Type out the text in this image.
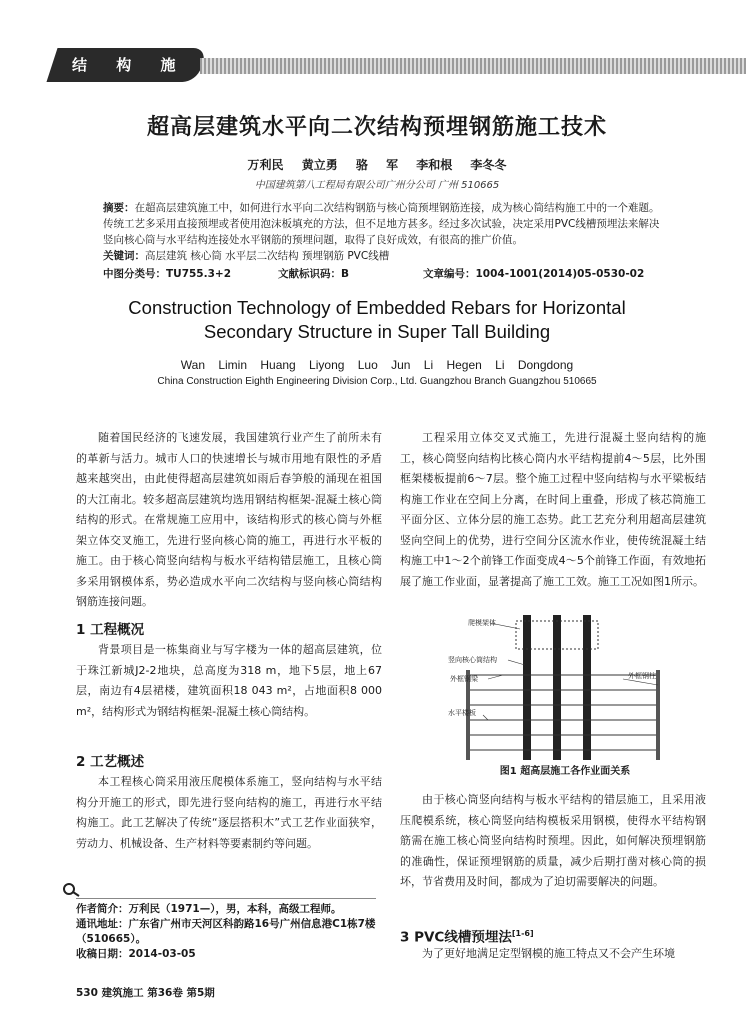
结 构 施 工
超高层建筑水平向二次结构预埋钢筋施工技术
万利民 黄立勇 骆 军 李和根 李冬冬
中国建筑第八工程局有限公司广州分公司 广州 510665
摘要：在超高层建筑施工中，如何进行水平向二次结构钢筋与核心筒预埋钢筋连接，成为核心筒结构施工中的一个难题。传统工艺多采用直接预埋或者使用泡沫板填充的方法，但不足地方甚多。经过多次试验，决定采用PVC线槽预埋法来解决竖向核心筒与水平结构连接处水平钢筋的预埋问题，取得了良好成效，有很高的推广价值。
关键词：高层建筑 核心筒 水平层二次结构 预埋钢筋 PVC线槽
中图分类号：TU755.3+2	文献标识码：B	文章编号：1004-1001(2014)05-0530-02
Construction Technology of Embedded Rebars for Horizontal
Secondary Structure in Super Tall Building
Wan Limin Huang Liyong Luo Jun Li Hegen Li Dongdong
China Construction Eighth Engineering Division Corp., Ltd. Guangzhou Branch Guangzhou 510665

随着国民经济的飞速发展，我国建筑行业产生了前所未有的革新与活力。城市人口的快速增长与城市用地有限性的矛盾越来越突出，由此使得超高层建筑如雨后春笋般的涌现在祖国的大江南北。较多超高层建筑均选用钢结构框架-混凝土核心筒结构的形式。在常规施工应用中，该结构形式的核心筒与外框架立体交叉施工，先进行竖向核心筒的施工，再进行水平板的施工。由于核心筒竖向结构与板水平结构错层施工，且核心筒多采用钢模体系，势必造成水平向二次结构与竖向核心筒结构钢筋连接问题。

1 工程概况

背景项目是一栋集商业与写字楼为一体的超高层建筑，位于珠江新城J2-2地块，总高度为318 m，地下5层，地上67层，南边有4层裙楼，建筑面积18 043 m²，占地面积8 000 m²，结构形式为钢结构框架-混凝土核心筒结构。

2 工艺概述

本工程核心筒采用液压爬模体系施工，竖向结构与水平结构分开施工的形式，即先进行竖向结构的施工，再进行水平结构施工。此工艺解决了传统“逐层搭积木”式工艺作业面狭窄，劳动力、机械设备、生产材料等要素制约等问题。

工程采用立体交叉式施工，先进行混凝土竖向结构的施工，核心筒竖向结构比核心筒内水平结构提前4～5层，比外围框架楼板提前6～7层。整个施工过程中竖向结构与水平梁板结构施工作业在空间上分离，在时间上重叠，形成了核芯筒施工平面分区、立体分层的施工态势。此工艺充分利用超高层建筑竖向空间上的优势，进行空间分区流水作业，使传统混凝土结构施工中1～2个前锋工作面变成4～5个前锋工作面，有效地拓展了施工作业面，显著提高了施工工效。施工工况如图1所示。

爬模架体
竖向核心筒结构
外框钢梁	外框钢柱
水平楼板
图1 超高层施工各作业面关系

由于核心筒竖向结构与板水平结构的错层施工，且采用液压爬模系统，核心筒竖向结构模板采用钢模，使得水平结构钢筋需在施工核心筒竖向结构时预埋。因此，如何解决预埋钢筋的准确性，保证预埋钢筋的质量，减少后期打凿对核心筒的损坏，节省费用及时间，都成为了迫切需要解决的问题。

3 PVC线槽预埋法[1-6]

为了更好地满足定型钢模的施工特点又不会产生环境

作者简介：万利民（1971—），男，本科，高级工程师。
通讯地址：广东省广州市天河区科韵路16号广州信息港C1栋7楼（510665）。
收稿日期：2014-03-05
530 建筑施工 第36卷 第5期
